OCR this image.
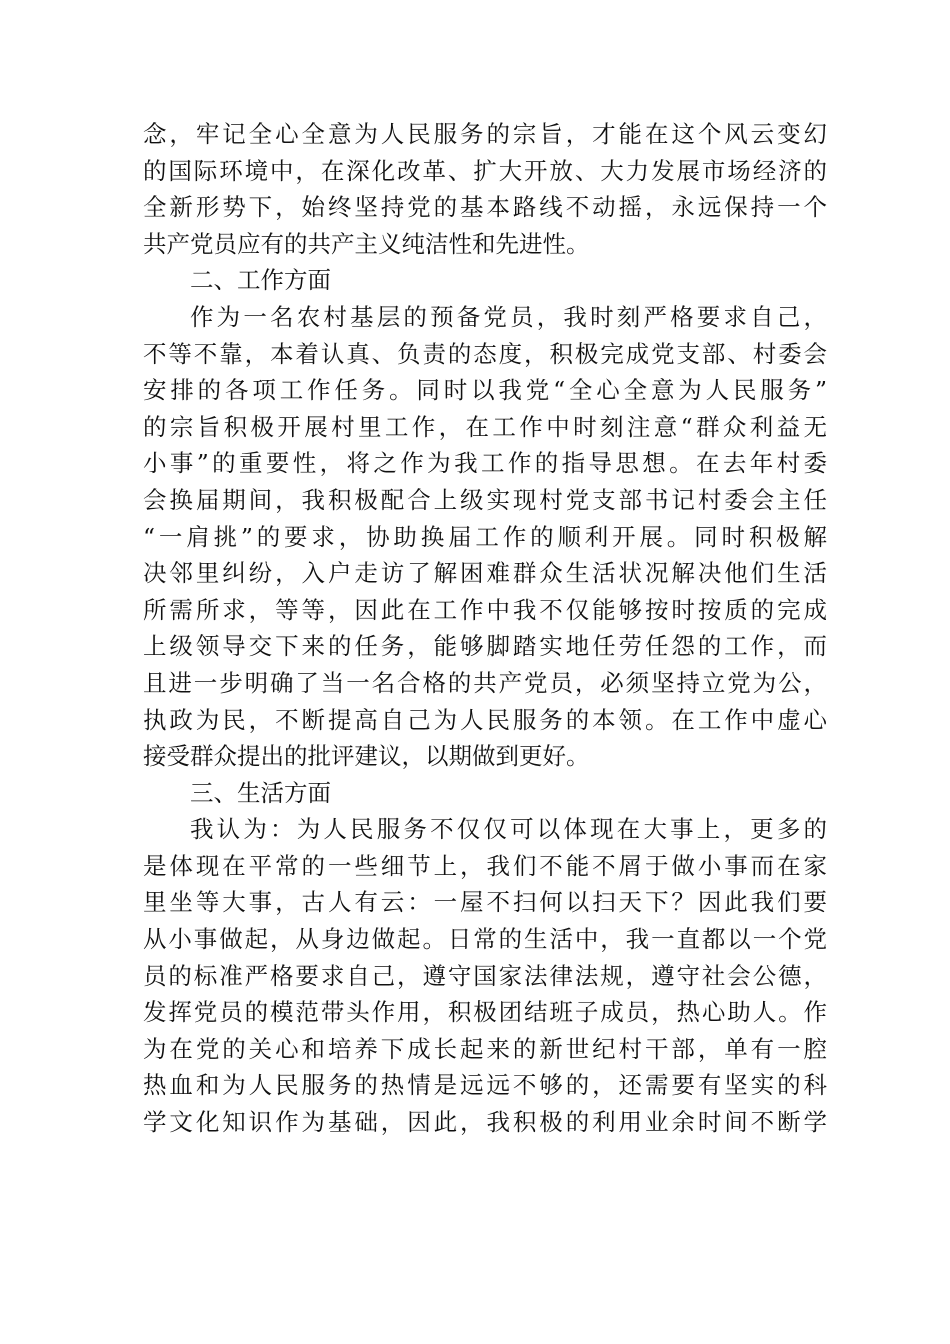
念，牢记全心全意为人民服务的宗旨，才能在这个风云变幻
的国际环境中，在深化改革、扩大开放、大力发展市场经济的
全新形势下，始终坚持党的基本路线不动摇，永远保持一个
共产党员应有的共产主义纯洁性和先进性。
二、工作方面
作为一名农村基层的预备党员，我时刻严格要求自己，
不等不靠，本着认真、负责的态度，积极完成党支部、村委会
安排的各项工作任务。同时以我党“全心全意为人民服务”
的宗旨积极开展村里工作，在工作中时刻注意“群众利益无
小事”的重要性，将之作为我工作的指导思想。在去年村委
会换届期间，我积极配合上级实现村党支部书记村委会主任
“一肩挑”的要求，协助换届工作的顺利开展。同时积极解
决邻里纠纷，入户走访了解困难群众生活状况解决他们生活
所需所求，等等，因此在工作中我不仅能够按时按质的完成
上级领导交下来的任务，能够脚踏实地任劳任怨的工作，而
且进一步明确了当一名合格的共产党员，必须坚持立党为公，
执政为民，不断提高自己为人民服务的本领。在工作中虚心
接受群众提出的批评建议，以期做到更好。
三、生活方面
我认为：为人民服务不仅仅可以体现在大事上，更多的
是体现在平常的一些细节上，我们不能不屑于做小事而在家
里坐等大事，古人有云：一屋不扫何以扫天下？因此我们要
从小事做起，从身边做起。日常的生活中，我一直都以一个党
员的标准严格要求自己，遵守国家法律法规，遵守社会公德，
发挥党员的模范带头作用，积极团结班子成员，热心助人。作
为在党的关心和培养下成长起来的新世纪村干部，单有一腔
热血和为人民服务的热情是远远不够的，还需要有坚实的科
学文化知识作为基础，因此，我积极的利用业余时间不断学
